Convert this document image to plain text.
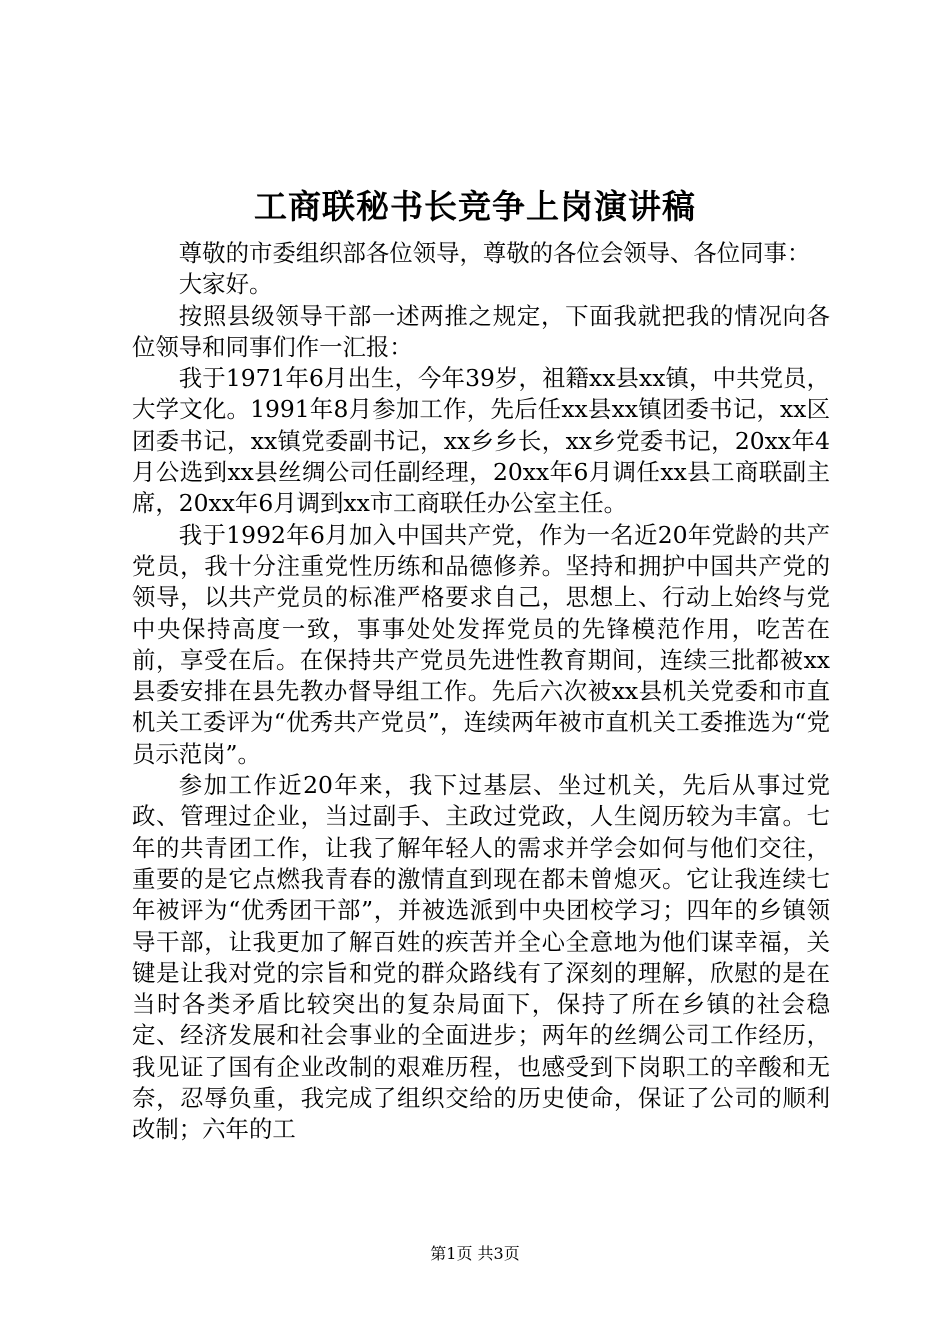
工商联秘书长竞争上岗演讲稿

尊敬的市委组织部各位领导，尊敬的各位会领导、各位同事：

大家好。

按照县级领导干部一述两推之规定，下面我就把我的情况向各位领导和同事们作一汇报：

我于1971年6月出生，今年39岁，祖籍xx县xx镇，中共党员，大学文化。1991年8月参加工作，先后任xx县xx镇团委书记，xx区团委书记，xx镇党委副书记，xx乡乡长，xx乡党委书记，20xx年4月公选到xx县丝绸公司任副经理，20xx年6月调任xx县工商联副主席，20xx年6月调到xx市工商联任办公室主任。

我于1992年6月加入中国共产党，作为一名近20年党龄的共产党员，我十分注重党性历练和品德修养。坚持和拥护中国共产党的领导，以共产党员的标准严格要求自己，思想上、行动上始终与党中央保持高度一致，事事处处发挥党员的先锋模范作用，吃苦在前，享受在后。在保持共产党员先进性教育期间，连续三批都被xx县委安排在县先教办督导组工作。先后六次被xx县机关党委和市直机关工委评为“优秀共产党员”，连续两年被市直机关工委推选为“党员示范岗”。

参加工作近20年来，我下过基层、坐过机关，先后从事过党政、管理过企业，当过副手、主政过党政，人生阅历较为丰富。七年的共青团工作，让我了解年轻人的需求并学会如何与他们交往，重要的是它点燃我青春的激情直到现在都未曾熄灭。它让我连续七年被评为“优秀团干部”，并被选派到中央团校学习；四年的乡镇领导干部，让我更加了解百姓的疾苦并全心全意地为他们谋幸福，关键是让我对党的宗旨和党的群众路线有了深刻的理解，欣慰的是在当时各类矛盾比较突出的复杂局面下，保持了所在乡镇的社会稳定、经济发展和社会事业的全面进步；两年的丝绸公司工作经历，我见证了国有企业改制的艰难历程，也感受到下岗职工的辛酸和无奈，忍辱负重，我完成了组织交给的历史使命，保证了公司的顺利改制；六年的工

第1页 共3页
